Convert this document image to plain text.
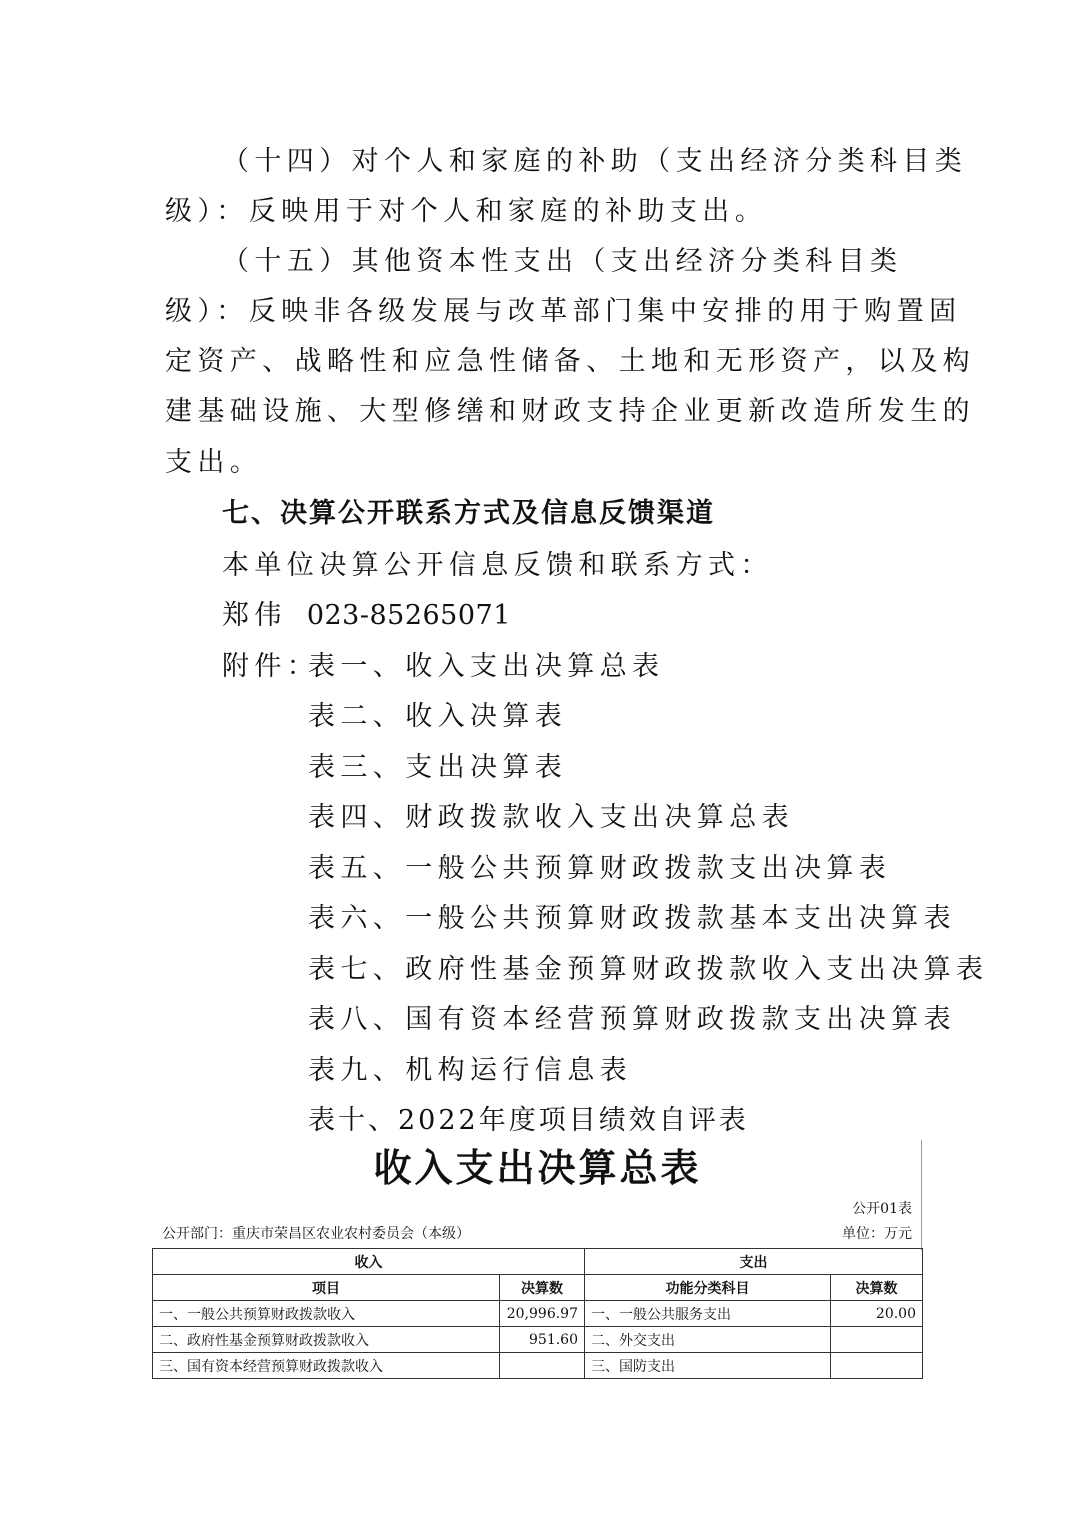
（十四）对个人和家庭的补助（支出经济分类科目类
级）：反映用于对个人和家庭的补助支出。
（十五）其他资本性支出（支出经济分类科目类
级）：反映非各级发展与改革部门集中安排的用于购置固
定资产、战略性和应急性储备、土地和无形资产，以及构
建基础设施、大型修缮和财政支持企业更新改造所发生的
支出。
七、决算公开联系方式及信息反馈渠道
本单位决算公开信息反馈和联系方式：
郑伟 023-85265071
附件：
表一、收入支出决算总表
表二、收入决算表
表三、支出决算表
表四、财政拨款收入支出决算总表
表五、一般公共预算财政拨款支出决算表
表六、一般公共预算财政拨款基本支出决算表
表七、政府性基金预算财政拨款收入支出决算表
表八、国有资本经营预算财政拨款支出决算表
表九、机构运行信息表
表十、2022年度项目绩效自评表
收入支出决算总表
公开01表
公开部门：重庆市荣昌区农业农村委员会（本级）	单位：万元
收入		支出	
项目	决算数	功能分类科目	决算数
一、一般公共预算财政拨款收入	20,996.97	一、一般公共服务支出	20.00
二、政府性基金预算财政拨款收入	951.60	二、外交支出	
三、国有资本经营预算财政拨款收入		三、国防支出	
